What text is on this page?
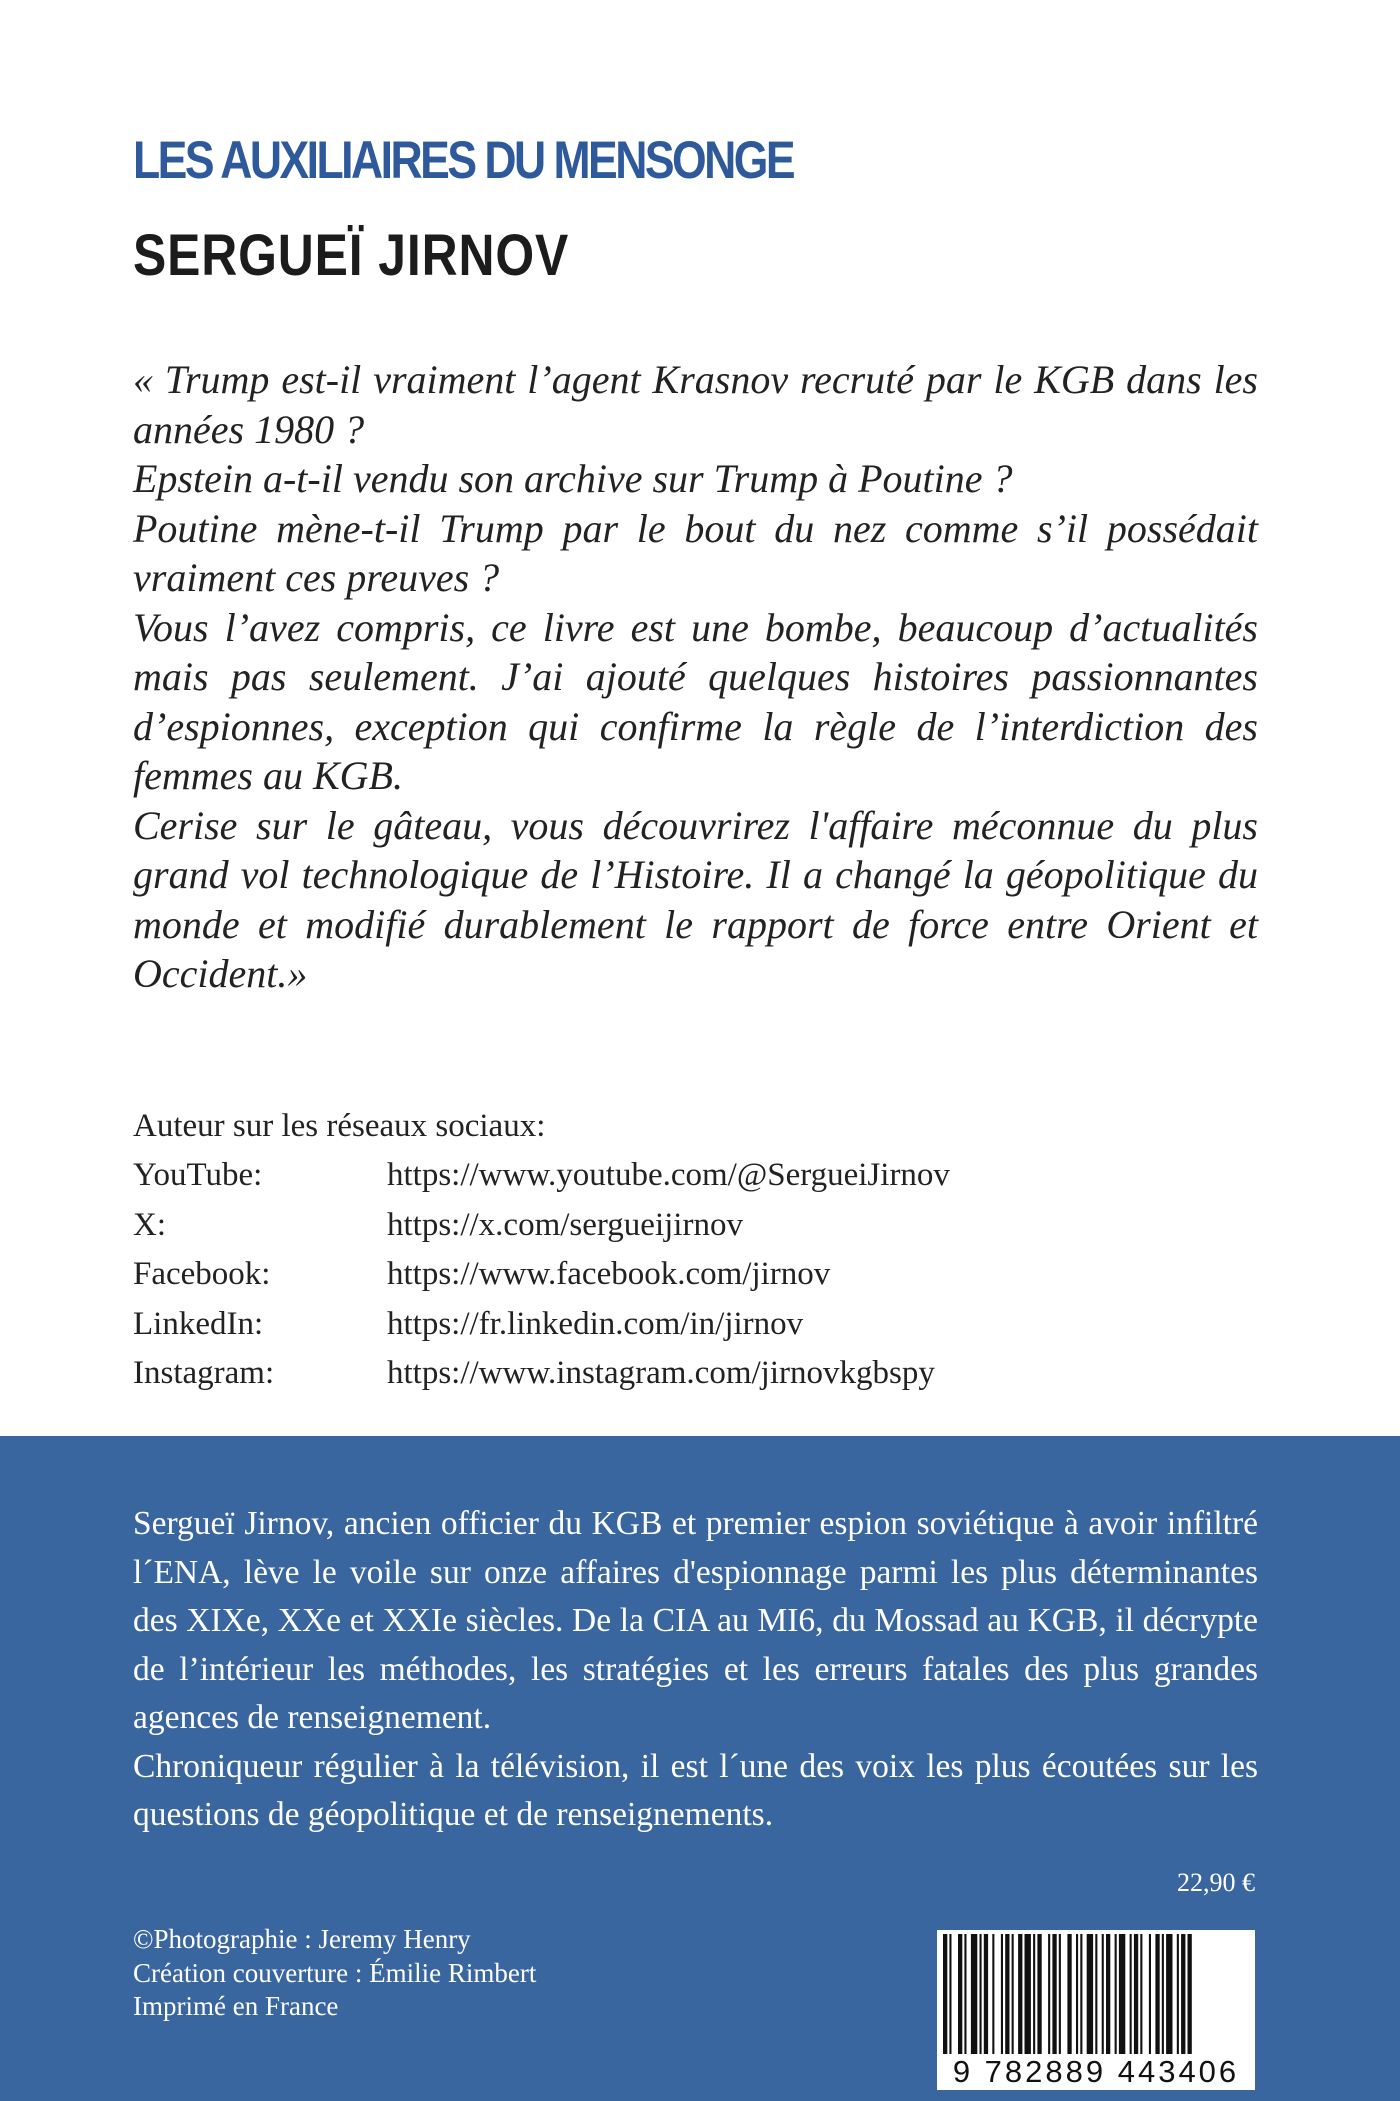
LES AUXILIAIRES DU MENSONGE
SERGUEÏ JIRNOV

« Trump est-il vraiment l’agent Krasnov recruté par le KGB dans les années 1980 ?

Epstein a-t-il vendu son archive sur Trump à Poutine ?

Poutine mène-t-il Trump par le bout du nez comme s’il possédait vraiment ces preuves ?

Vous l’avez compris, ce livre est une bombe, beaucoup d’actualités mais pas seulement. J’ai ajouté quelques histoires passionnantes d’espionnes, exception qui confirme la règle de l’interdiction des femmes au KGB.

Cerise sur le gâteau, vous découvrirez l'affaire méconnue du plus grand vol technologique de l’Histoire. Il a changé la géopolitique du monde et modifié durablement le rapport de force entre Orient et Occident.»

Auteur sur les réseaux sociaux:
YouTube:	https://www.youtube.com/@SergueiJirnov
X:	https://x.com/sergueijirnov
Facebook:	https://www.facebook.com/jirnov
LinkedIn:	https://fr.linkedin.com/in/jirnov
Instagram:	https://www.instagram.com/jirnovkgbspy

Sergueï Jirnov, ancien officier du KGB et premier espion soviétique à avoir infiltré l´ENA, lève le voile sur onze affaires d'espionnage parmi les plus déterminantes des XIXe, XXe et XXIe siècles. De la CIA au MI6, du Mossad au KGB, il décrypte de l’intérieur les méthodes, les stratégies et les erreurs fatales des plus grandes agences de renseignement.

Chroniqueur régulier à la télévision, il est l´une des voix les plus écoutées sur les questions de géopolitique et de renseignements.

22,90 €
©Photographie : Jeremy Henry
Création couverture : Émilie Rimbert
Imprimé en France
9 782889 443406
